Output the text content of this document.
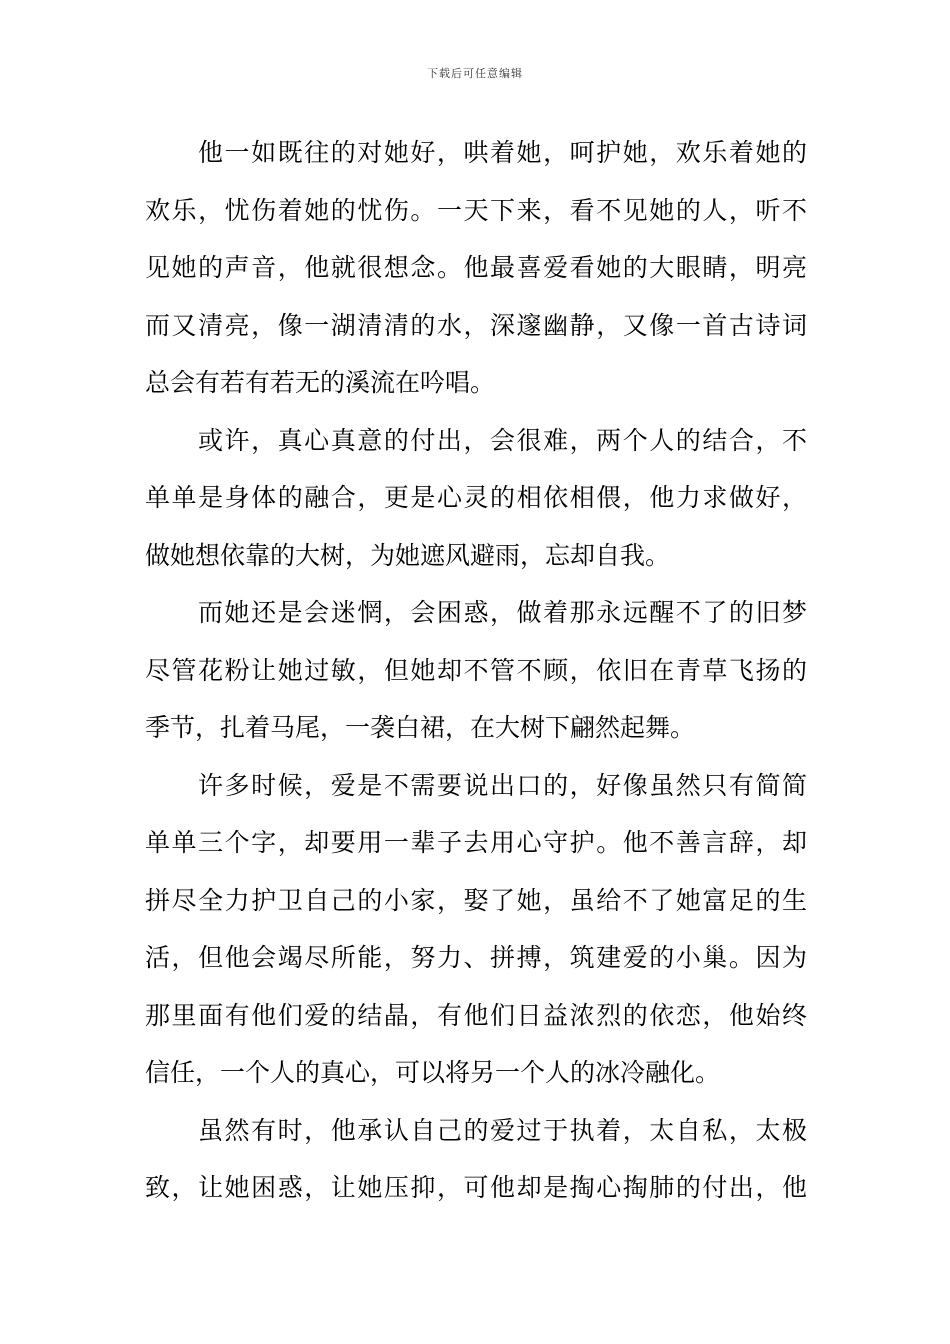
下载后可任意编辑
他一如既往的对她好，哄着她，呵护她，欢乐着她的
欢乐，忧伤着她的忧伤。一天下来，看不见她的人，听不
见她的声音，他就很想念。他最喜爱看她的大眼睛，明亮
而又清亮，像一湖清清的水，深邃幽静，又像一首古诗词
总会有若有若无的溪流在吟唱。
或许，真心真意的付出，会很难，两个人的结合，不
单单是身体的融合，更是心灵的相依相偎，他力求做好，
做她想依靠的大树，为她遮风避雨，忘却自我。
而她还是会迷惘，会困惑，做着那永远醒不了的旧梦
尽管花粉让她过敏，但她却不管不顾，依旧在青草飞扬的
季节，扎着马尾，一袭白裙，在大树下翩然起舞。
许多时候，爱是不需要说出口的，好像虽然只有简简
单单三个字，却要用一辈子去用心守护。他不善言辞，却
拼尽全力护卫自己的小家，娶了她，虽给不了她富足的生
活，但他会竭尽所能，努力、拼搏，筑建爱的小巢。因为
那里面有他们爱的结晶，有他们日益浓烈的依恋，他始终
信任，一个人的真心，可以将另一个人的冰冷融化。
虽然有时，他承认自己的爱过于执着，太自私，太极
致，让她困惑，让她压抑，可他却是掏心掏肺的付出，他
